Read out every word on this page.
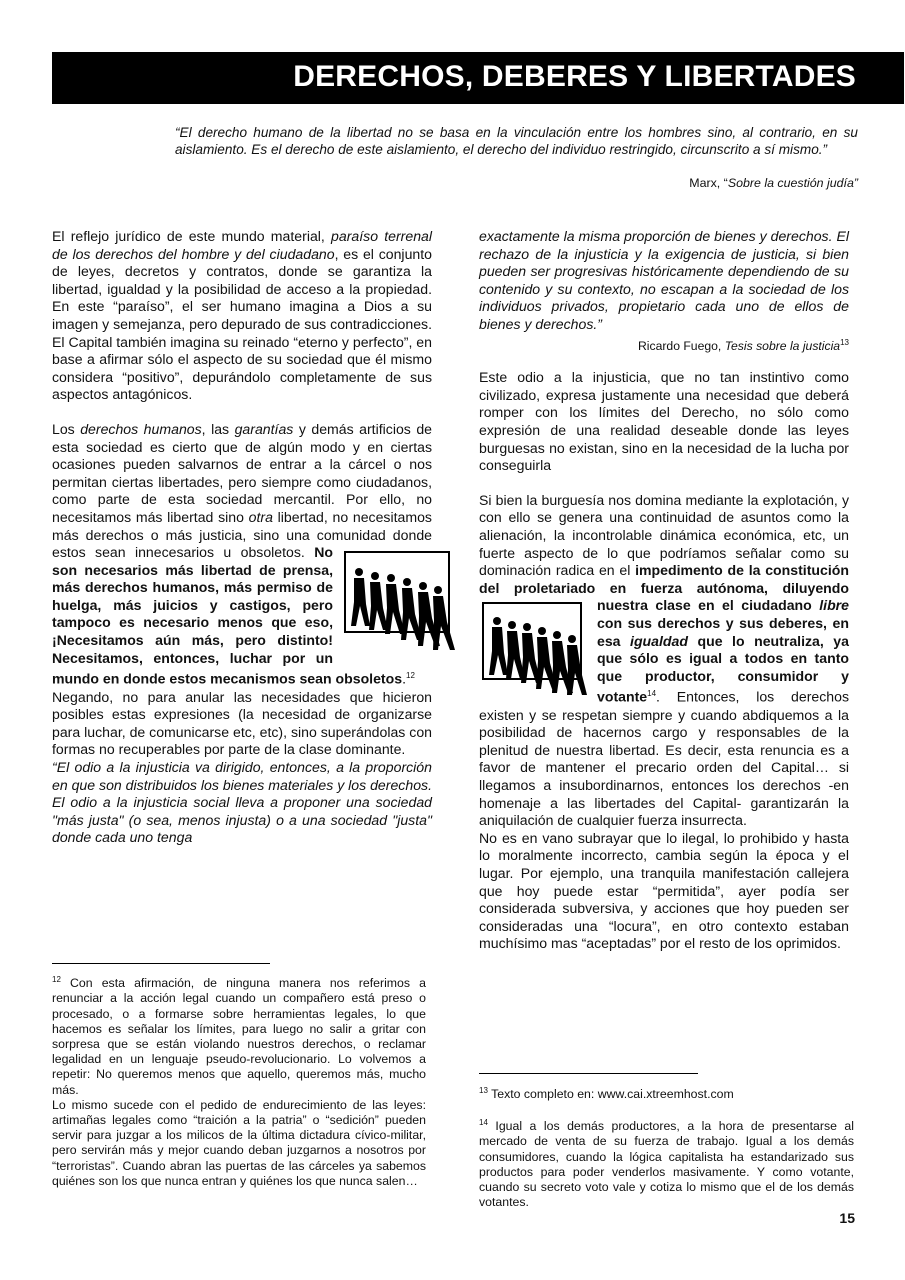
DERECHOS, DEBERES Y LIBERTADES
“El derecho humano de la libertad no se basa en la vinculación entre los hombres sino, al contrario, en su aislamiento. Es el derecho de este aislamiento, el derecho del individuo restringido, circunscrito a sí mismo.”
Marx, “Sobre la cuestión judía”

El reflejo jurídico de este mundo material, paraíso terrenal de los derechos del hombre y del ciudadano, es el conjunto de leyes, decretos y contratos, donde se garantiza la libertad, igualdad y la posibilidad de acceso a la propiedad. En este “paraíso”, el ser humano imagina a Dios a su imagen y semejanza, pero depurado de sus contradicciones. El Capital también imagina su reinado “eterno y perfecto”, en base a afirmar sólo el aspecto de su sociedad que él mismo considera “positivo”, depurándolo completamente de sus aspectos antagónicos.

Los derechos humanos, las garantías y demás artificios de esta sociedad es cierto que de algún modo y en ciertas ocasiones pueden salvarnos de entrar a la cárcel o nos permitan ciertas libertades, pero siempre como ciudadanos, como parte de esta sociedad mercantil. Por ello, no necesitamos más libertad sino otra libertad, no necesitamos más derechos o más justicia, sino una comunidad donde estos sean innecesarios u obsoletos.
No son necesarios más libertad de prensa, más derechos humanos, más permiso de huelga, más juicios y castigos, pero tampoco es necesario menos que eso, ¡Necesitamos aún más, pero distinto! Necesitamos, entonces, luchar por un mundo en donde estos mecanismos sean obsoletos.$^{12}$

Negando, no para anular las necesidades que hicieron posibles estas expresiones (la necesidad de organizarse para luchar, de comunicarse etc, etc), sino superándolas con formas no recuperables por parte de la clase dominante.

“El odio a la injusticia va dirigido, entonces, a la proporción en que son distribuidos los bienes materiales y los derechos. El odio a la injusticia social lleva a proponer una sociedad "más justa" (o sea, menos injusta) o a una sociedad "justa" donde cada uno tenga

$^{12}$ Con esta afirmación, de ninguna manera nos referimos a renunciar a la acción legal cuando un compañero está preso o procesado, o a formarse sobre herramientas legales, lo que hacemos es señalar los límites, para luego no salir a gritar con sorpresa que se están violando nuestros derechos, o reclamar legalidad en un lenguaje pseudo-revolucionario. Lo volvemos a repetir: No queremos menos que aquello, queremos más, mucho más.

Lo mismo sucede con el pedido de endurecimiento de las leyes: artimañas legales como “traición a la patria” o “sedición” pueden servir para juzgar a los milicos de la última dictadura cívico-militar, pero servirán más y mejor cuando deban juzgarnos a nosotros por “terroristas”. Cuando abran las puertas de las cárceles ya sabemos quiénes son los que nunca entran y quiénes los que nunca salen…

exactamente la misma proporción de bienes y derechos. El rechazo de la injusticia y la exigencia de justicia, si bien pueden ser progresivas históricamente dependiendo de su contenido y su contexto, no escapan a la sociedad de los individuos privados, propietario cada uno de ellos de bienes y derechos.”

Ricardo Fuego, Tesis sobre la justicia$^{13}$

Este odio a la injusticia, que no tan instintivo como civilizado, expresa justamente una necesidad que deberá romper con los límites del Derecho, no sólo como expresión de una realidad deseable donde las leyes burguesas no existan, sino en la necesidad de la lucha por conseguirla

Si bien la burguesía nos domina mediante la explotación, y con ello se genera una continuidad de asuntos como la alienación, la incontrolable dinámica económica, etc, un fuerte aspecto de lo que podríamos señalar como su dominación radica en el impedimento de la constitución del proletariado en fuerza autónoma, diluyendo nuestra clase en el ciudadano
libre con sus derechos y sus deberes, en esa igualdad que lo neutraliza, ya que sólo es igual a todos en tanto que productor, consumidor y votante$^{14}$. Entonces, los derechos existen y se respetan siempre y cuando abdiquemos a la posibilidad de hacernos cargo y responsables de la plenitud de nuestra libertad. Es decir, esta renuncia es a favor de mantener el precario orden del Capital… si llegamos a insubordinarnos, entonces los derechos -en homenaje a las libertades del Capital- garantizarán la aniquilación de cualquier fuerza insurrecta.

No es en vano subrayar que lo ilegal, lo prohibido y hasta lo moralmente incorrecto, cambia según la época y el lugar. Por ejemplo, una tranquila manifestación callejera que hoy puede estar “permitida”, ayer podía ser considerada subversiva, y acciones que hoy pueden ser consideradas una “locura”, en otro contexto estaban muchísimo mas “aceptadas” por el resto de los oprimidos.

$^{13}$ Texto completo en: www.cai.xtreemhost.com

$^{14}$ Igual a los demás productores, a la hora de presentarse al mercado de venta de su fuerza de trabajo. Igual a los demás consumidores, cuando la lógica capitalista ha estandarizado sus productos para poder venderlos masivamente. Y como votante, cuando su secreto voto vale y cotiza lo mismo que el de los demás votantes.

15
